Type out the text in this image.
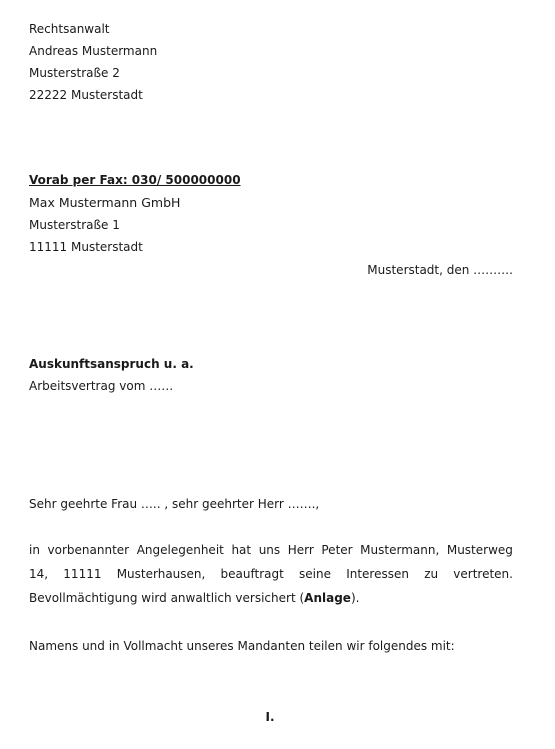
Rechtsanwalt
Andreas Mustermann
Musterstraße 2
22222 Musterstadt
Vorab per Fax: 030/ 500000000
Max Mustermann GmbH
Musterstraße 1
11111 Musterstadt
Musterstadt, den ……….
Auskunftsanspruch u. a.
Arbeitsvertrag vom ……
Sehr geehrte Frau ….. , sehr geehrter Herr …….,
in vorbenannter Angelegenheit hat uns Herr Peter Mustermann, Musterweg
14, 11111 Musterhausen, beauftragt seine Interessen zu vertreten.
Bevollmächtigung wird anwaltlich versichert (Anlage).
Namens und in Vollmacht unseres Mandanten teilen wir folgendes mit:
I.
